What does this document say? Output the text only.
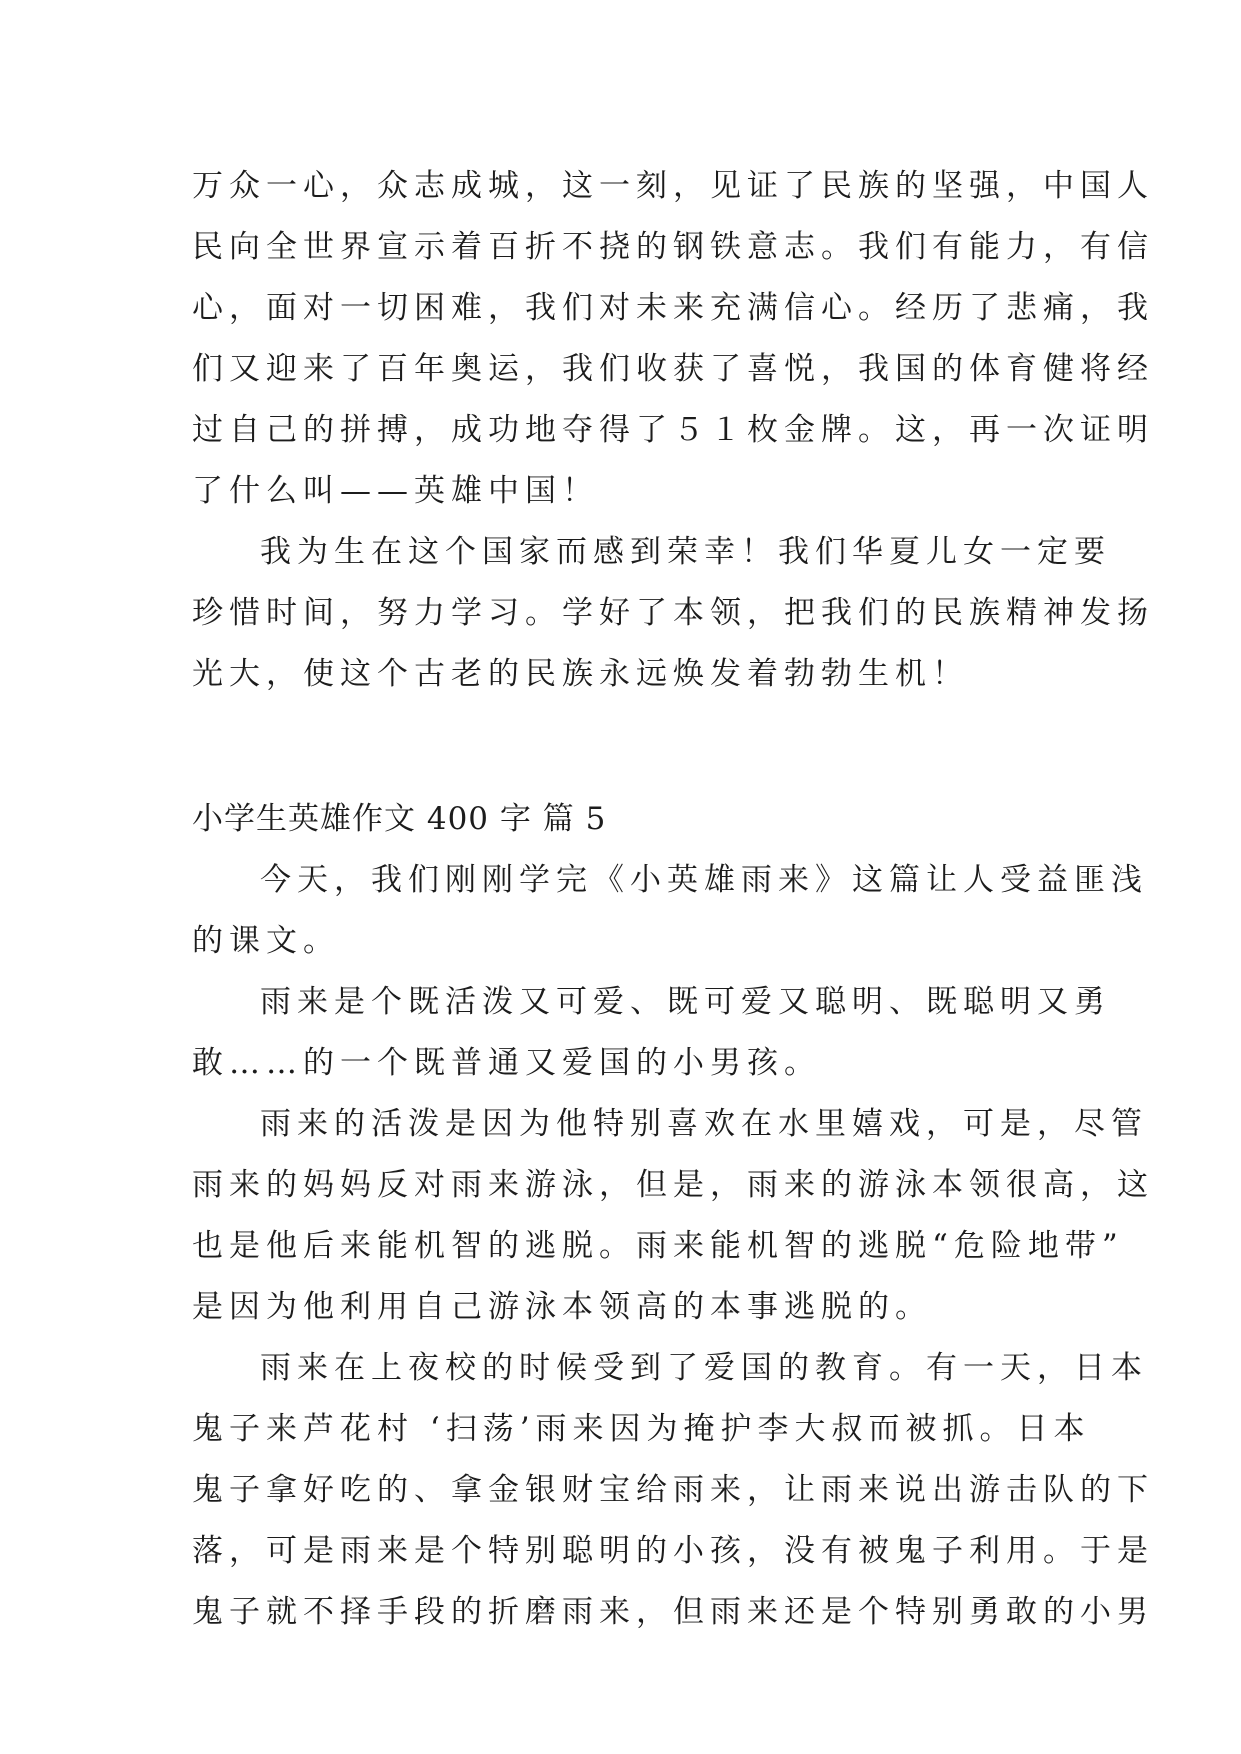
万众一心，众志成城，这一刻，见证了民族的坚强，中国人
民向全世界宣示着百折不挠的钢铁意志。我们有能力，有信
心，面对一切困难，我们对未来充满信心。经历了悲痛，我
们又迎来了百年奥运，我们收获了喜悦，我国的体育健将经
过自己的拼搏，成功地夺得了５１枚金牌。这，再一次证明
了什么叫——英雄中国！
我为生在这个国家而感到荣幸！我们华夏儿女一定要
珍惜时间，努力学习。学好了本领，把我们的民族精神发扬
光大，使这个古老的民族永远焕发着勃勃生机！
小学生英雄作文 400 字 篇 5
今天，我们刚刚学完《小英雄雨来》这篇让人受益匪浅
的课文。
雨来是个既活泼又可爱、既可爱又聪明、既聪明又勇
敢……的一个既普通又爱国的小男孩。
雨来的活泼是因为他特别喜欢在水里嬉戏，可是，尽管
雨来的妈妈反对雨来游泳，但是，雨来的游泳本领很高，这
也是他后来能机智的逃脱。雨来能机智的逃脱“危险地带”
是因为他利用自己游泳本领高的本事逃脱的。
雨来在上夜校的时候受到了爱国的教育。有一天，日本
鬼子来芦花村 ‘扫荡’雨来因为掩护李大叔而被抓。日本
鬼子拿好吃的、拿金银财宝给雨来，让雨来说出游击队的下
落，可是雨来是个特别聪明的小孩，没有被鬼子利用。于是
鬼子就不择手段的折磨雨来，但雨来还是个特别勇敢的小男
